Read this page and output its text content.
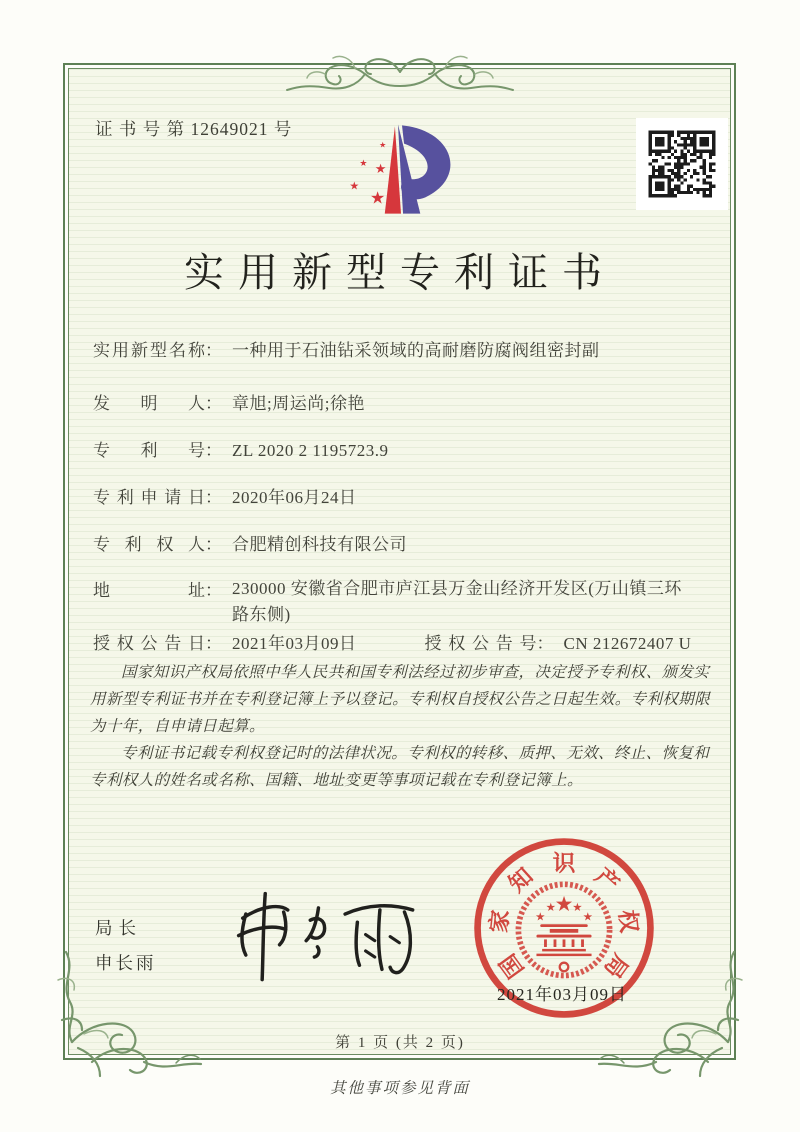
证 书 号 第 12649021 号
★
★
★
★
★
实用新型专利证书
实用新型名称： 一种用于石油钻采领域的高耐磨防腐阀组密封副
发明人： 章旭;周运尚;徐艳
专利号： ZL 2020 2 1195723.9
专利申请日： 2020年06月24日
专利权人： 合肥精创科技有限公司
地址： 230000 安徽省合肥市庐江县万金山经济开发区(万山镇三环路东侧)
授权公告日： 2021年03月09日	授权公告号： CN 212672407 U

国家知识产权局依照中华人民共和国专利法经过初步审查，决定授予专利权、颁发实用新型专利证书并在专利登记簿上予以登记。专利权自授权公告之日起生效。专利权期限为十年，自申请日起算。

专利证书记载专利权登记时的法律状况。专利权的转移、质押、无效、终止、恢复和专利权人的姓名或名称、国籍、地址变更等事项记载在专利登记簿上。

局长
申长雨	国
家
知 识 产
权
局
★
★	★
★ ★
2021年03月09日
第 1 页 (共 2 页)
其他事项参见背面
